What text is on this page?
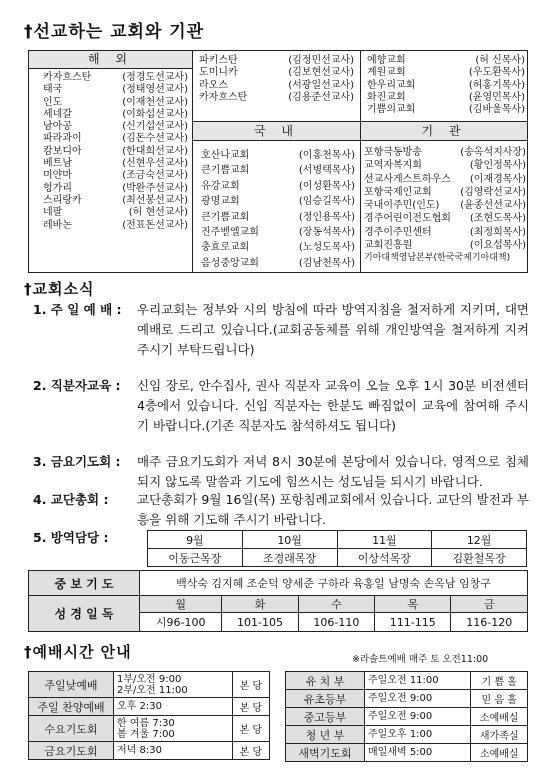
†선교하는 교회와 기관
해 외
카자흐스탄	(정경도선교사)
태국	(정태영선교사)
인도	(이재천선교사)
세네갈	(이화섭선교사)
남아공	(신기섭선교사)
파라과이	(김돈수선교사)
캄보디아	(한대희선교사)
베트남	(신현우선교사)
미얀마	(조금숙선교사)
헝가리	(박완주선교사)
스리랑카	(최선봉선교사)
네팔	(허 현선교사)
레바논	(전표돈선교사)
파키스탄	(김정민선교사)
도미니카	(김보현선교사)
라오스	(서광일선교사)
카자흐스탄	(김용준선교사)
예향교회	(허 신목사)
계원교회	(우도환목사)
한우리교회	(허홍기목사)
화진교회	(윤영민목사)
기쁨의교회	(김바울목사)
국 내	기 관
호산나교회	(이홍천목사)
큰기쁨교회	(서병택목사)
유강교회	(이성환목사)
광명교회	(임승길목사)
큰기쁨교회	(정인용목사)
진주벧엘교회	(장동석목사)
충효로교회	(노성도목사)
음성중앙교회	(김남천목사)
포항극동방송	(송옥석지사장)
교역자복지회	(황인정목사)
선교사게스트하우스 (이재경목사)
포항국제인교회	(김영락선교사)
국내이주민(인도) (윤종선선교사)
경주어린이전도협회 (조현도목사)
경주이주민센터	(최정희목사)
교회진흥원	(이요섭목사)
기아대책영남본부(한국국제기아대책)
†교회소식
1. 주 일 예 배 : 우리교회는 정부와 시의 방침에 따라 방역지침을 철저하게 지키며, 대면 예배로 드리고 있습니다.(교회공동체를 위해 개인방역을 철저하게 지켜주시기 부탁드립니다)
2. 직분자교육 : 신임 장로, 안수집사, 권사 직분자 교육이 오늘 오후 1시 30분 비전센터 4층에서 있습니다. 신임 직분자는 한분도 빠짐없이 교육에 참여해 주시기 바랍니다.(기존 직분자도 참석하셔도 됩니다)
3. 금요기도회 : 매주 금요기도회가 저녁 8시 30분에 본당에서 있습니다. 영적으로 침체되지 않도록 말씀과 기도에 힘쓰시는 성도님들 되시기 바랍니다.
4. 교단총회 : 교단총회가 9월 16일(목) 포항침례교회에서 있습니다. 교단의 발전과 부흥을 위해 기도해 주시기 바랍니다.
5. 방역담당 :	9월	10월	11월	12월
이동근목장	조경래목장	이상석목장	김환철목장
중 보 기 도	백삭숙 김지혜 조순덕 양세준 구하라 육홍일 남명숙 손옥남 임창구				
성 경 일 독	월	화	수	목	금
	시96-100	101-105	106-110	111-115	116-120
†예배시간 안내	※라솔트예배 매주 토 오전11:00
주일낮예배	1부/오전 9:00
2부/오전 11:00	본 당
주일 찬양예배	오후 2:30	본 당
수요기도회	한 여름 7:30
봄 겨울 7:00	본 당
금요기도회	저녁 8:30	본 당
유 치 부	주일오전 11:00	기 쁨 홀
유초등부	주일오전 9:00	믿 음 홀
중고등부	주일오전 9:00	소예배실
청 년 부	주일오후 1:00	새가족실
새벽기도회	매일새벽 5:00	소예배실
